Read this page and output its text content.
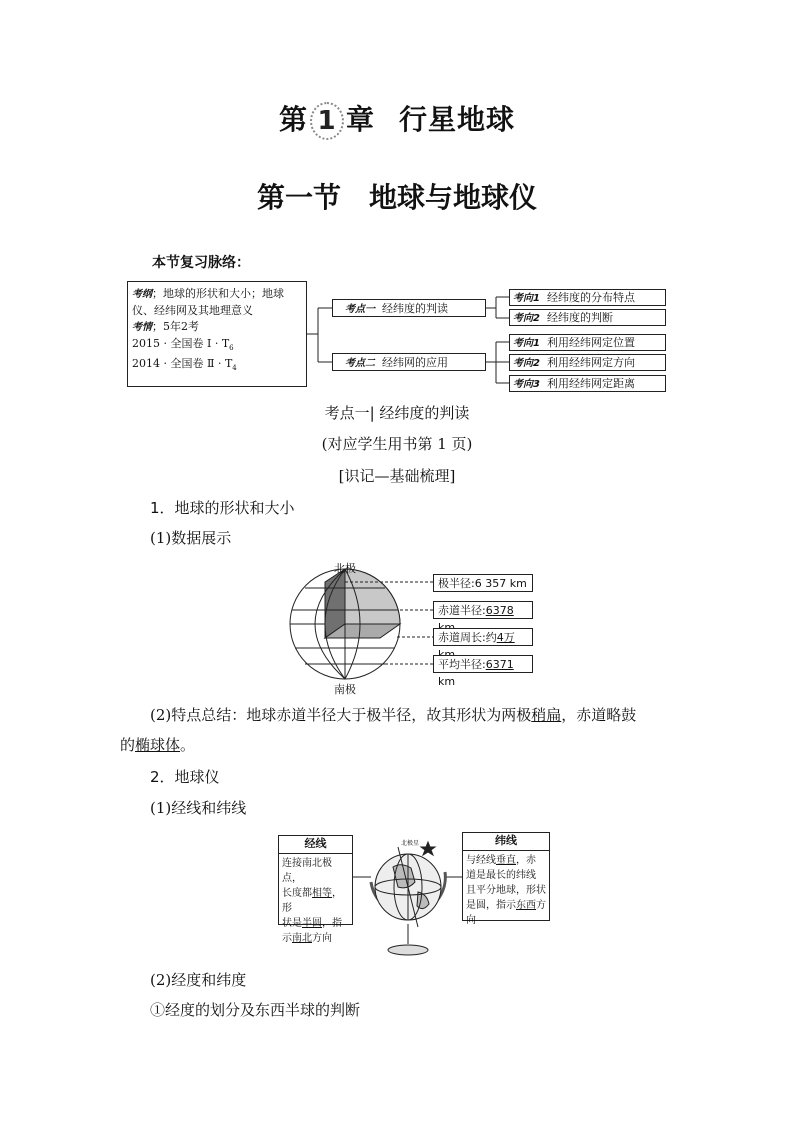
第 1 章 行星地球
第一节　地球与地球仪
本节复习脉络：
考纲；地球的形状和大小；地球仪、经纬网及其地理意义
考情；5年2考
2015 · 全国卷 Ⅰ · $T_6$
2014 · 全国卷 Ⅱ · $T_4$
考点一 经纬度的判读
考点二 经纬网的应用
考向1 经纬度的分布特点
考向2 经纬度的判断
考向1 利用经纬网定位置
考向2 利用经纬网定方向
考向3 利用经纬网定距离
考点一| 经纬度的判读
(对应学生用书第 1 页)
[识记—基础梳理]
1．地球的形状和大小
(1)数据展示
北极
南极
极半径:6 357 km
赤道半径:6378
赤道周长:约4万
平均半径:6371 km
(2)特点总结：地球赤道半径大于极半径，故其形状为两极稍扁，赤道略鼓
的椭球体。
2．地球仪
(1)经线和纬线
经线
连接南北极点，
长度都相等，形
状是半圆，指
示南北方向
纬线
与经线垂直，赤
道是最长的纬线
且平分地球，形状
是圆，指示东西方向
北极星
(2)经度和纬度
①经度的划分及东西半球的判断
